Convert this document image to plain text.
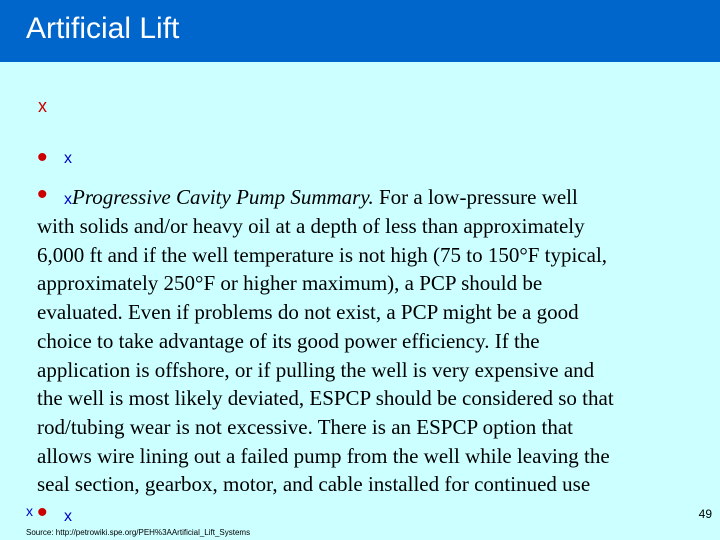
Artificial Lift
x
• x
• xProgressive Cavity Pump Summary. For a low-pressure well
with solids and/or heavy oil at a depth of less than approximately
6,000 ft and if the well temperature is not high (75 to 150°F typical,
approximately 250°F or higher maximum), a PCP should be
evaluated. Even if problems do not exist, a PCP might be a good
choice to take advantage of its good power efficiency. If the
application is offshore, or if pulling the well is very expensive and
the well is most likely deviated, ESPCP should be considered so that
rod/tubing wear is not excessive. There is an ESPCP option that
allows wire lining out a failed pump from the well while leaving the
seal section, gearbox, motor, and cable installed for continued use
x • x	49
Source: http://petrowiki.spe.org/PEH%3AArtificial_Lift_Systems
